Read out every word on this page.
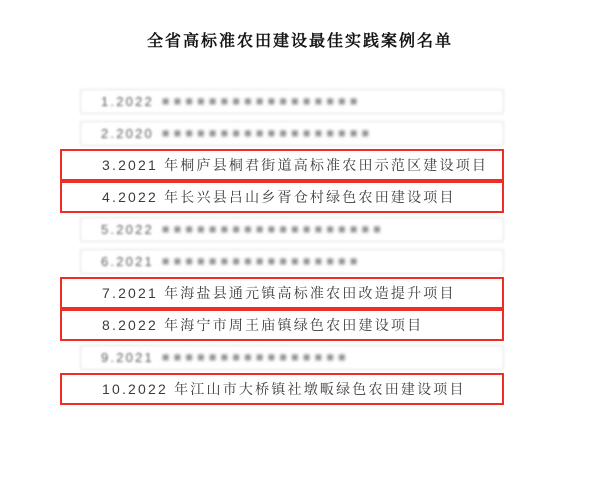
全省高标准农田建设最佳实践案例名单
1.2022 ■■■■■■■■■■■■■■■■■
2.2020 ■■■■■■■■■■■■■■■■■■
3.2021 年桐庐县桐君街道高标准农田示范区建设项目
4.2022 年长兴县吕山乡胥仓村绿色农田建设项目
5.2022 ■■■■■■■■■■■■■■■■■■■
6.2021 ■■■■■■■■■■■■■■■■■
7.2021 年海盐县通元镇高标准农田改造提升项目
8.2022 年海宁市周王庙镇绿色农田建设项目
9.2021 ■■■■■■■■■■■■■■■■
10.2022 年江山市大桥镇社墩畈绿色农田建设项目
